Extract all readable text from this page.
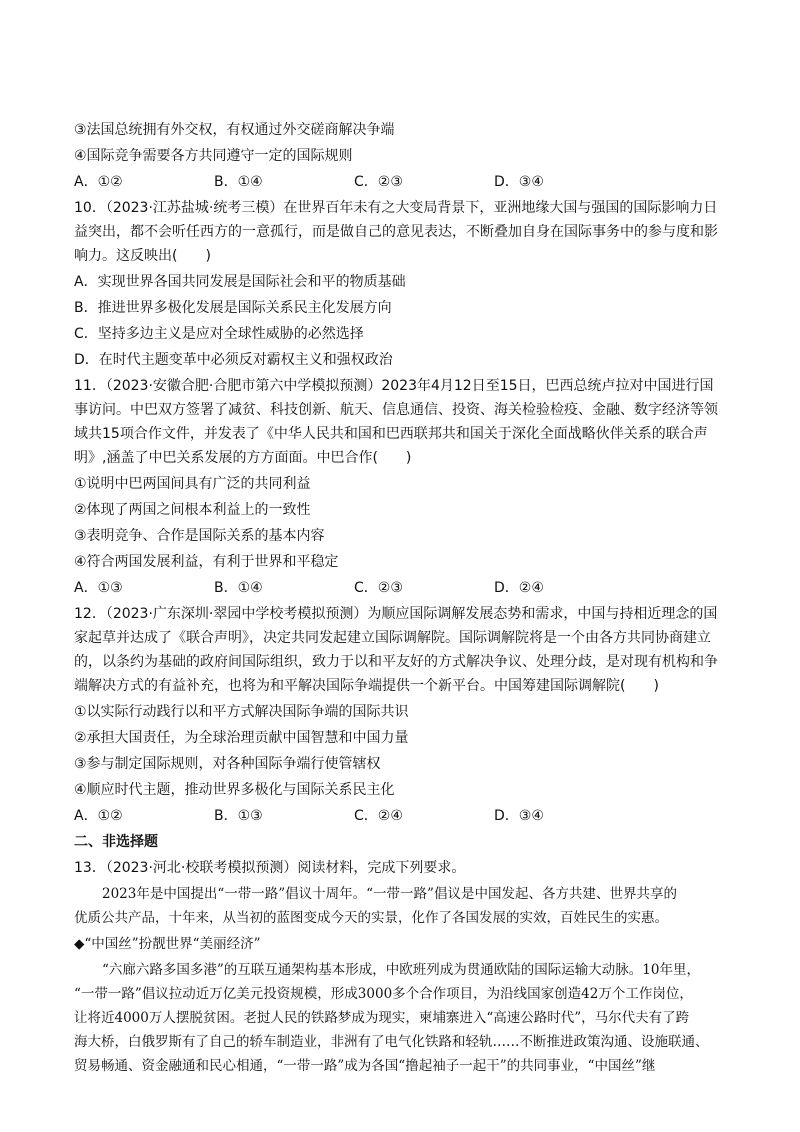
③法国总统拥有外交权，有权通过外交磋商解决争端
④国际竞争需要各方共同遵守一定的国际规则
A．①②	B．①④	C．②③	D．③④
10．（2023·江苏盐城·统考三模）在世界百年未有之大变局背景下，亚洲地缘大国与强国的国际影响力日
益突出，都不会听任西方的一意孤行，而是做自己的意见表达，不断叠加自身在国际事务中的参与度和影
响力。这反映出(　　)
A．实现世界各国共同发展是国际社会和平的物质基础
B．推进世界多极化发展是国际关系民主化发展方向
C．坚持多边主义是应对全球性威胁的必然选择
D．在时代主题变革中必须反对霸权主义和强权政治
11．（2023·安徽合肥·合肥市第六中学模拟预测）2023年4月12日至15日，巴西总统卢拉对中国进行国
事访问。中巴双方签署了减贫、科技创新、航天、信息通信、投资、海关检验检疫、金融、数字经济等领
域共15项合作文件，并发表了《中华人民共和国和巴西联邦共和国关于深化全面战略伙伴关系的联合声
明》,涵盖了中巴关系发展的方方面面。中巴合作(　　)
①说明中巴两国间具有广泛的共同利益
②体现了两国之间根本利益上的一致性
③表明竞争、合作是国际关系的基本内容
④符合两国发展利益，有利于世界和平稳定
A．①③	B．①④	C．②③	D．②④
12．（2023·广东深圳·翠园中学校考模拟预测）为顺应国际调解发展态势和需求，中国与持相近理念的国
家起草并达成了《联合声明》，决定共同发起建立国际调解院。国际调解院将是一个由各方共同协商建立
的，以条约为基础的政府间国际组织，致力于以和平友好的方式解决争议、处理分歧，是对现有机构和争
端解决方式的有益补充，也将为和平解决国际争端提供一个新平台。中国筹建国际调解院(　　)
①以实际行动践行以和平方式解决国际争端的国际共识
②承担大国责任，为全球治理贡献中国智慧和中国力量
③参与制定国际规则，对各种国际争端行使管辖权
④顺应时代主题，推动世界多极化与国际关系民主化
A．①②	B．①③	C．②④	D．③④
二、非选择题
13．（2023·河北·校联考模拟预测）阅读材料，完成下列要求。
2023年是中国提出“一带一路”倡议十周年。“一带一路”倡议是中国发起、各方共建、世界共享的
优质公共产品，十年来，从当初的蓝图变成今天的实景，化作了各国发展的实效，百姓民生的实惠。
◆“中国丝”扮靓世界“美丽经济”
“六廊六路多国多港”的互联互通架构基本形成，中欧班列成为贯通欧陆的国际运输大动脉。10年里，
“一带一路”倡议拉动近万亿美元投资规模，形成3000多个合作项目，为沿线国家创造42万个工作岗位，
让将近4000万人摆脱贫困。老挝人民的铁路梦成为现实，柬埔寨进入“高速公路时代”，马尔代夫有了跨
海大桥，白俄罗斯有了自己的轿车制造业，非洲有了电气化铁路和轻轨……不断推进政策沟通、设施联通、
贸易畅通、资金融通和民心相通，“一带一路”成为各国“撸起袖子一起干”的共同事业，“中国丝”继
